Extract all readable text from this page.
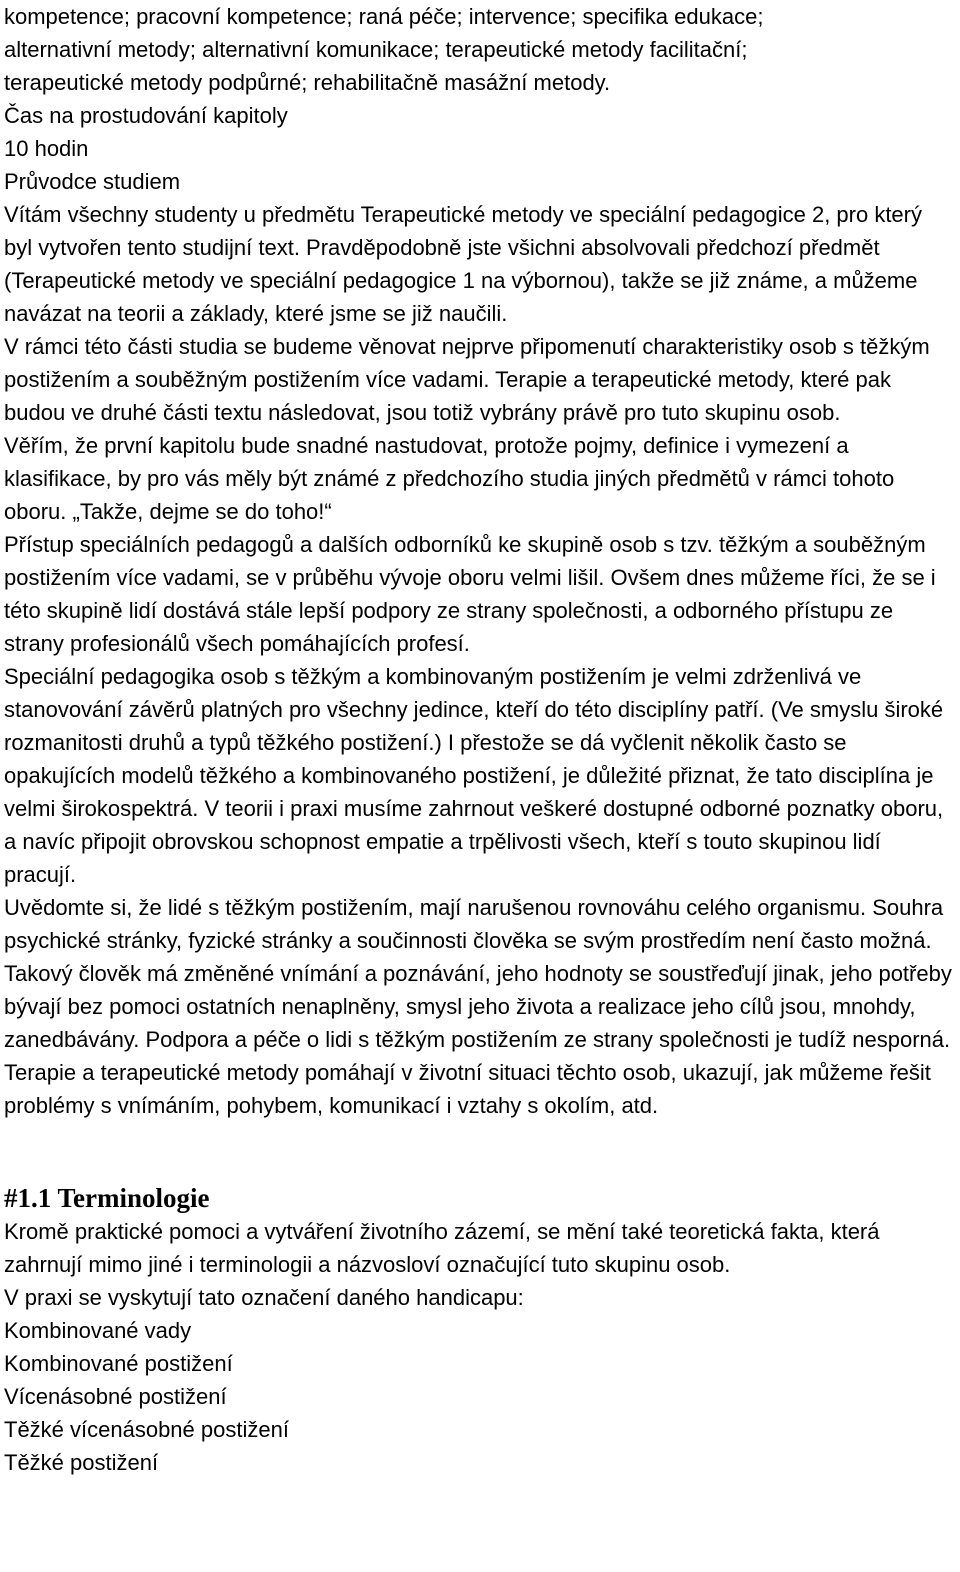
kompetence; pracovní kompetence; raná péče; intervence; specifika edukace;

alternativní metody; alternativní komunikace; terapeutické metody facilitační;

terapeutické metody podpůrné; rehabilitačně masážní metody.

Čas na prostudování kapitoly

10 hodin

Průvodce studiem

Vítám všechny studenty u předmětu Terapeutické metody ve speciální pedagogice 2, pro který byl vytvořen tento studijní text. Pravděpodobně jste všichni absolvovali předchozí předmět (Terapeutické metody ve speciální pedagogice 1 na výbornou), takže se již známe, a můžeme navázat na teorii a základy, které jsme se již naučili.

V rámci této části studia se budeme věnovat nejprve připomenutí charakteristiky osob s těžkým postižením a souběžným postižením více vadami. Terapie a terapeutické metody, které pak budou ve druhé části textu následovat, jsou totiž vybrány právě pro tuto skupinu osob.

Věřím, že první kapitolu bude snadné nastudovat, protože pojmy, definice i vymezení a klasifikace, by pro vás měly být známé z předchozího studia jiných předmětů v rámci tohoto oboru. „Takže, dejme se do toho!“

Přístup speciálních pedagogů a dalších odborníků ke skupině osob s tzv. těžkým a souběžným postižením více vadami, se v průběhu vývoje oboru velmi lišil. Ovšem dnes můžeme říci, že se i této skupině lidí dostává stále lepší podpory ze strany společnosti, a odborného přístupu ze strany profesionálů všech pomáhajících profesí.

Speciální pedagogika osob s těžkým a kombinovaným postižením je velmi zdrženlivá ve stanovování závěrů platných pro všechny jedince, kteří do této disciplíny patří. (Ve smyslu široké rozmanitosti druhů a typů těžkého postižení.) I přestože se dá vyčlenit několik často se opakujících modelů těžkého a kombinovaného postižení, je důležité přiznat, že tato disciplína je velmi širokospektrá. V teorii i praxi musíme zahrnout veškeré dostupné odborné poznatky oboru, a navíc připojit obrovskou schopnost empatie a trpělivosti všech, kteří s touto skupinou lidí pracují.

Uvědomte si, že lidé s těžkým postižením, mají narušenou rovnováhu celého organismu. Souhra psychické stránky, fyzické stránky a součinnosti člověka se svým prostředím není často možná. Takový člověk má změněné vnímání a poznávání, jeho hodnoty se soustřeďují jinak, jeho potřeby bývají bez pomoci ostatních nenaplněny, smysl jeho života a realizace jeho cílů jsou, mnohdy, zanedbávány. Podpora a péče o lidi s těžkým postižením ze strany společnosti je tudíž nesporná.

Terapie a terapeutické metody pomáhají v životní situaci těchto osob, ukazují, jak můžeme řešit problémy s vnímáním, pohybem, komunikací i vztahy s okolím, atd.

#1.1 Terminologie

Kromě praktické pomoci a vytváření životního zázemí, se mění také teoretická fakta, která zahrnují mimo jiné i terminologii a názvosloví označující tuto skupinu osob.

V praxi se vyskytují tato označení daného handicapu:

Kombinované vady

Kombinované postižení

Vícenásobné postižení

Těžké vícenásobné postižení

Těžké postižení
